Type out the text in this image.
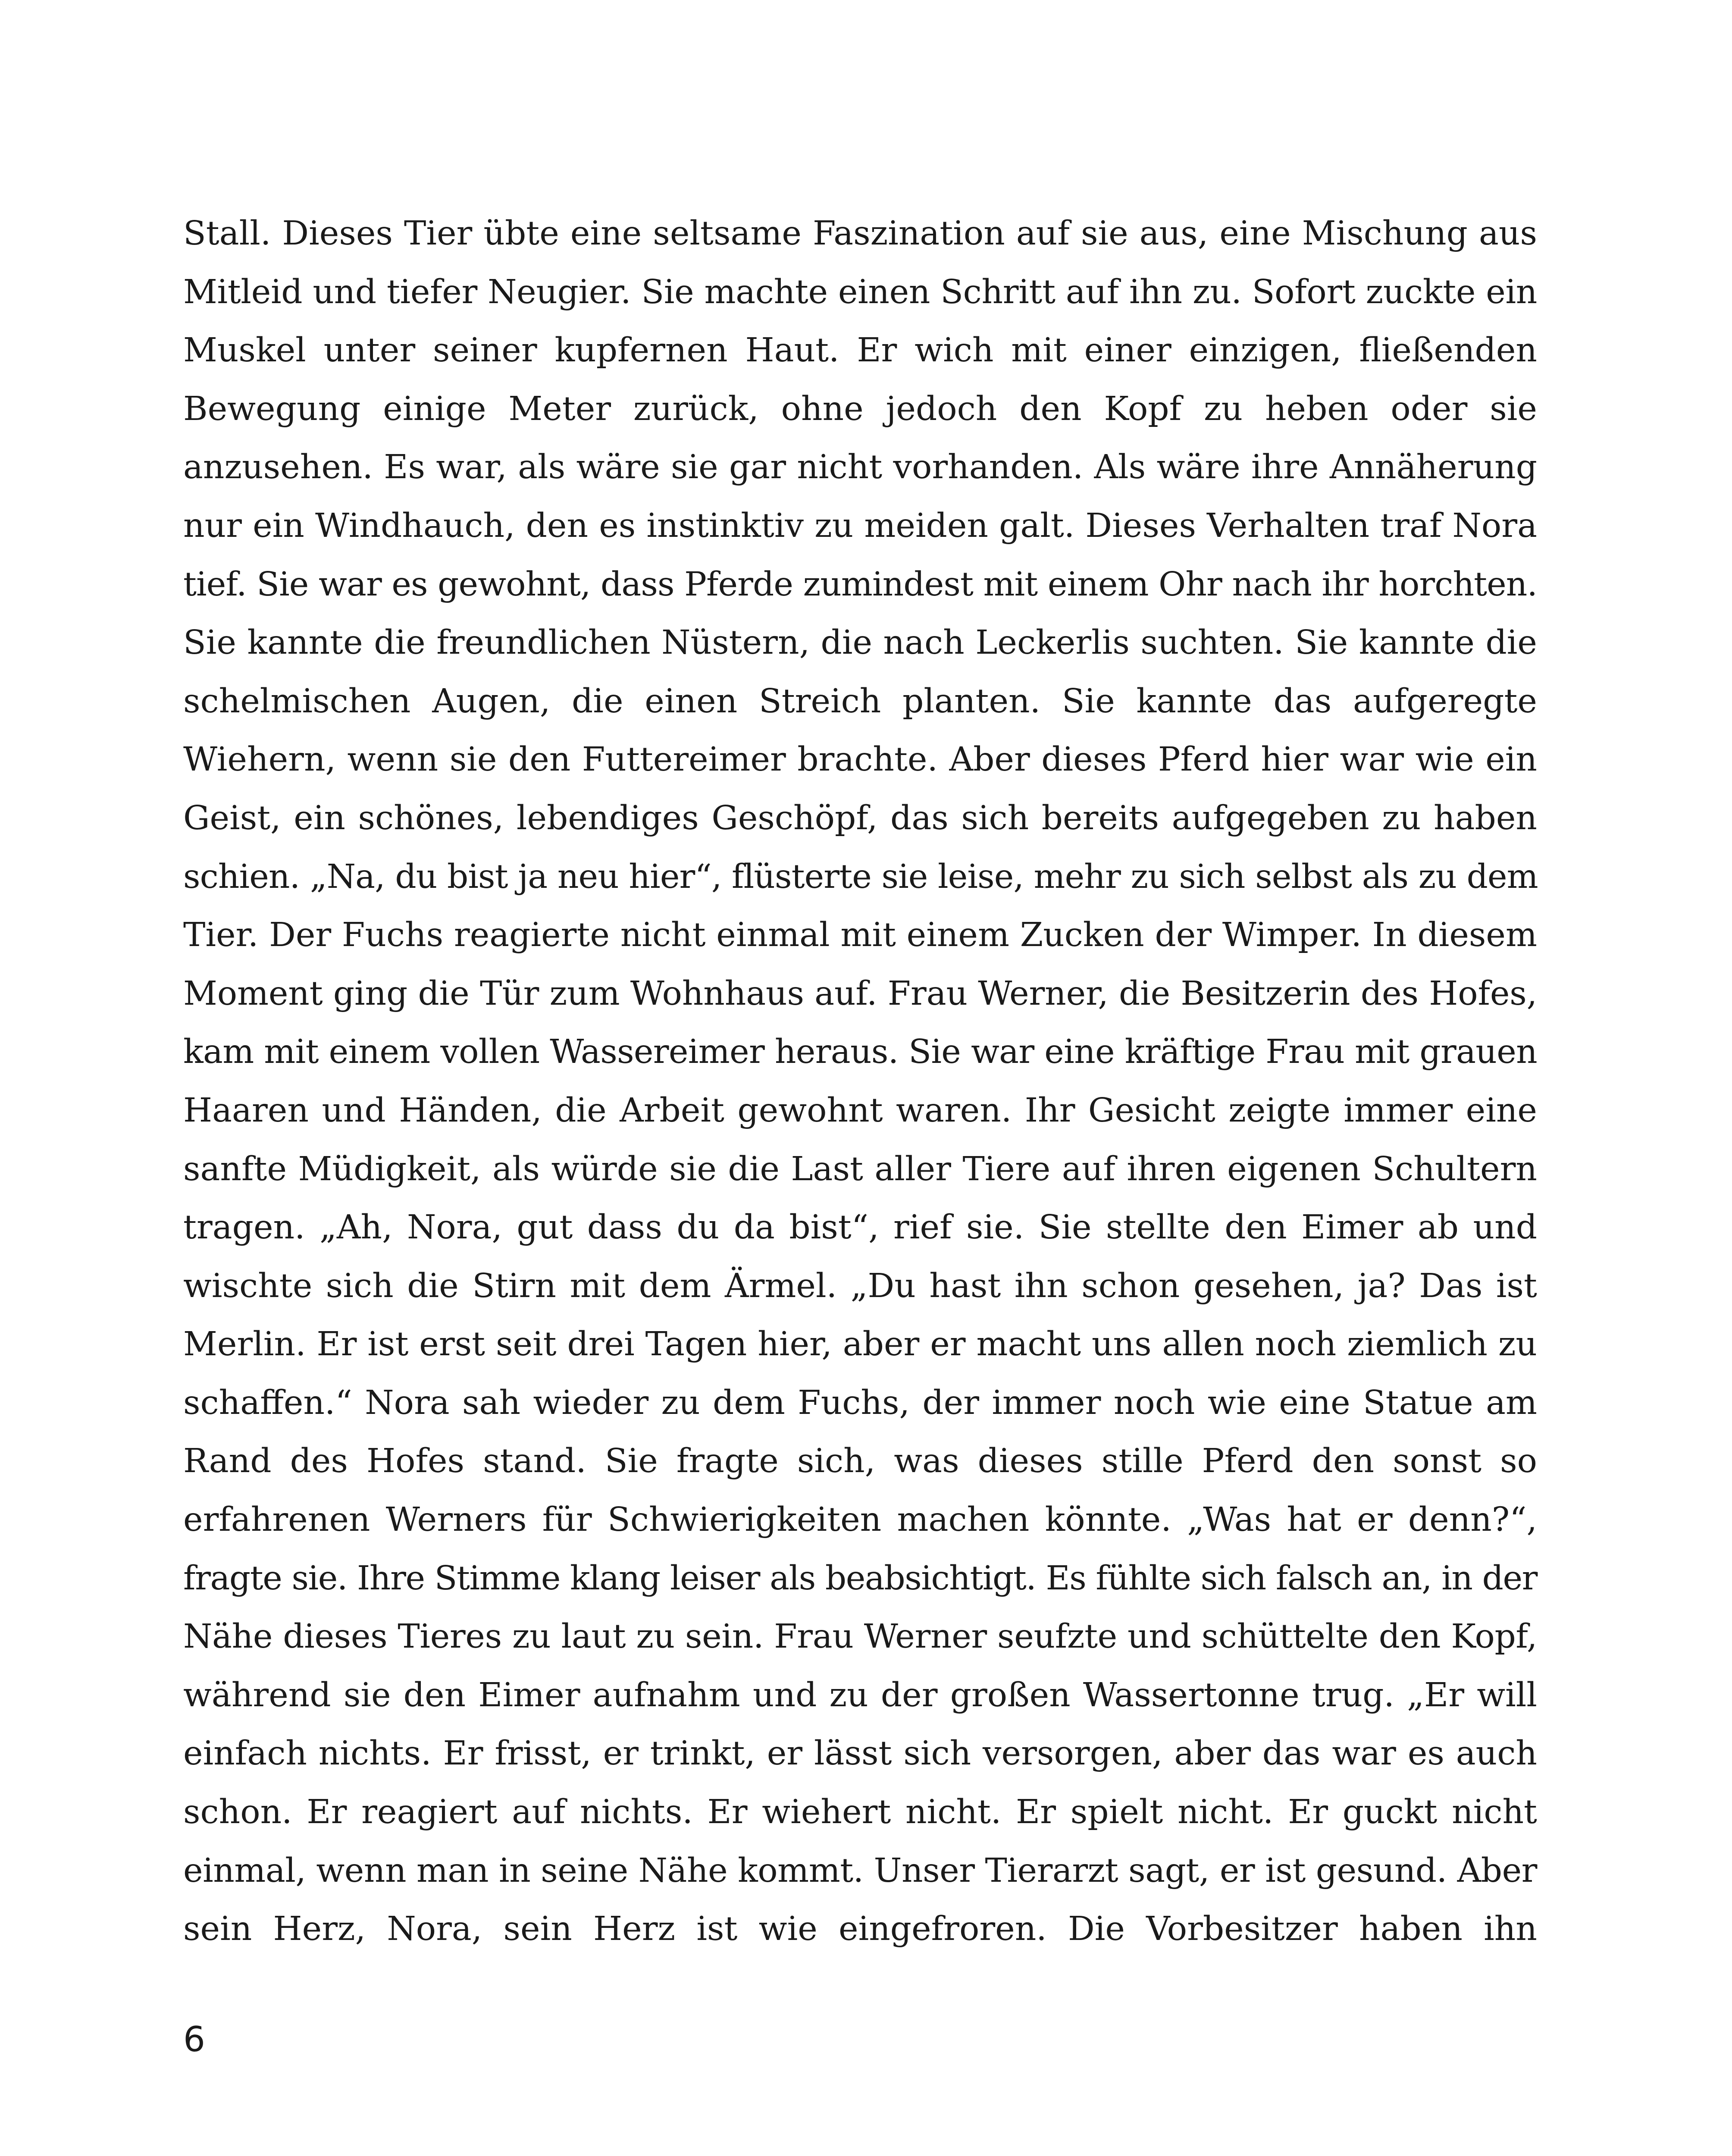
Stall. Dieses Tier übte eine seltsame Faszination auf sie aus, eine Mischung aus
Mitleid und tiefer Neugier. Sie machte einen Schritt auf ihn zu. Sofort zuckte ein
Muskel unter seiner kupfernen Haut. Er wich mit einer einzigen, fließenden
Bewegung einige Meter zurück, ohne jedoch den Kopf zu heben oder sie
anzusehen. Es war, als wäre sie gar nicht vorhanden. Als wäre ihre Annäherung
nur ein Windhauch, den es instinktiv zu meiden galt. Dieses Verhalten traf Nora
tief. Sie war es gewohnt, dass Pferde zumindest mit einem Ohr nach ihr horchten.
Sie kannte die freundlichen Nüstern, die nach Leckerlis suchten. Sie kannte die
schelmischen Augen, die einen Streich planten. Sie kannte das aufgeregte
Wiehern, wenn sie den Futtereimer brachte. Aber dieses Pferd hier war wie ein
Geist, ein schönes, lebendiges Geschöpf, das sich bereits aufgegeben zu haben
schien. „Na, du bist ja neu hier“, flüsterte sie leise, mehr zu sich selbst als zu dem
Tier. Der Fuchs reagierte nicht einmal mit einem Zucken der Wimper. In diesem
Moment ging die Tür zum Wohnhaus auf. Frau Werner, die Besitzerin des Hofes,
kam mit einem vollen Wassereimer heraus. Sie war eine kräftige Frau mit grauen
Haaren und Händen, die Arbeit gewohnt waren. Ihr Gesicht zeigte immer eine
sanfte Müdigkeit, als würde sie die Last aller Tiere auf ihren eigenen Schultern
tragen. „Ah, Nora, gut dass du da bist“, rief sie. Sie stellte den Eimer ab und
wischte sich die Stirn mit dem Ärmel. „Du hast ihn schon gesehen, ja? Das ist
Merlin. Er ist erst seit drei Tagen hier, aber er macht uns allen noch ziemlich zu
schaffen.“ Nora sah wieder zu dem Fuchs, der immer noch wie eine Statue am
Rand des Hofes stand. Sie fragte sich, was dieses stille Pferd den sonst so
erfahrenen Werners für Schwierigkeiten machen könnte. „Was hat er denn?“,
fragte sie. Ihre Stimme klang leiser als beabsichtigt. Es fühlte sich falsch an, in der
Nähe dieses Tieres zu laut zu sein. Frau Werner seufzte und schüttelte den Kopf,
während sie den Eimer aufnahm und zu der großen Wassertonne trug. „Er will
einfach nichts. Er frisst, er trinkt, er lässt sich versorgen, aber das war es auch
schon. Er reagiert auf nichts. Er wiehert nicht. Er spielt nicht. Er guckt nicht
einmal, wenn man in seine Nähe kommt. Unser Tierarzt sagt, er ist gesund. Aber
sein Herz, Nora, sein Herz ist wie eingefroren. Die Vorbesitzer haben ihn
6
